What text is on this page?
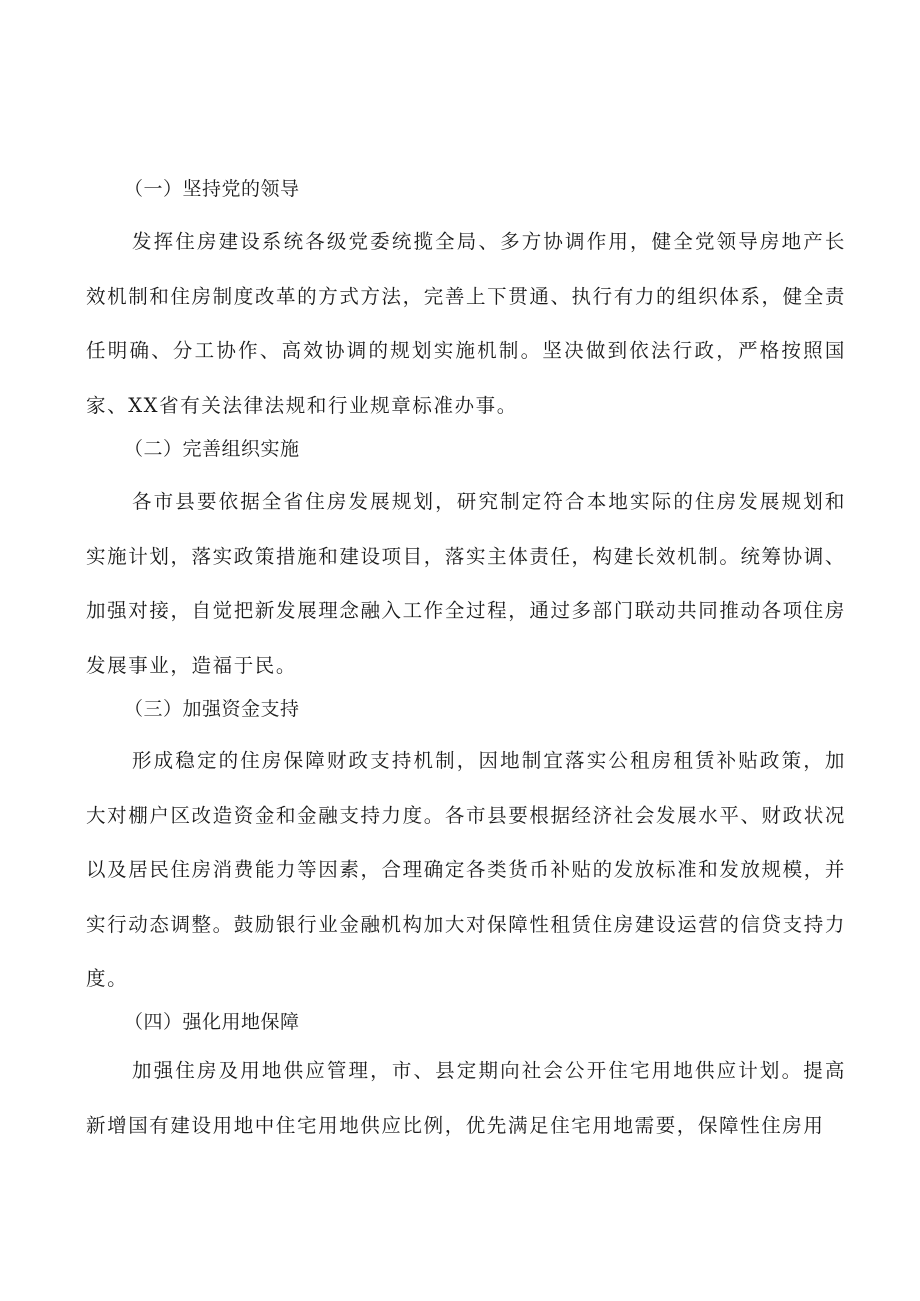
（一）坚持党的领导

发挥住房建设系统各级党委统揽全局、多方协调作用，健全党领导房地产长效机制和住房制度改革的方式方法，完善上下贯通、执行有力的组织体系，健全责任明确、分工协作、高效协调的规划实施机制。坚决做到依法行政，严格按照国家、XX省有关法律法规和行业规章标准办事。

（二）完善组织实施

各市县要依据全省住房发展规划，研究制定符合本地实际的住房发展规划和实施计划，落实政策措施和建设项目，落实主体责任，构建长效机制。统筹协调、加强对接，自觉把新发展理念融入工作全过程，通过多部门联动共同推动各项住房发展事业，造福于民。

（三）加强资金支持

形成稳定的住房保障财政支持机制，因地制宜落实公租房租赁补贴政策，加大对棚户区改造资金和金融支持力度。各市县要根据经济社会发展水平、财政状况以及居民住房消费能力等因素，合理确定各类货币补贴的发放标准和发放规模，并实行动态调整。鼓励银行业金融机构加大对保障性租赁住房建设运营的信贷支持力度。

（四）强化用地保障

加强住房及用地供应管理，市、县定期向社会公开住宅用地供应计划。提高新增国有建设用地中住宅用地供应比例，优先满足住宅用地需要，保障性住房用
